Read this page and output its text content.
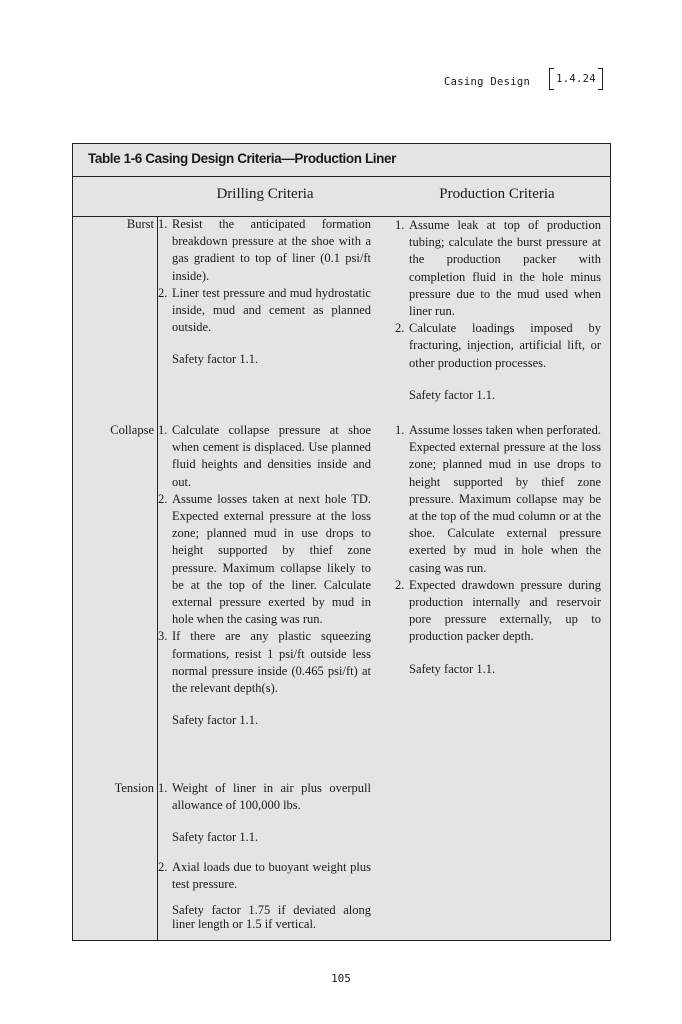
Casing Design	1.4.24
Table 1-6 Casing Design Criteria—Production Liner
Drilling Criteria	Production Criteria
Burst 1. Resist the anticipated formation breakdown pressure at the shoe with a gas gradient to top of liner (0.1 psi/ft inside).
2. Liner test pressure and mud hydrostatic inside, mud and cement as planned outside.
Safety factor 1.1.
1. Assume leak at top of production tubing; calculate the burst pressure at the production packer with completion fluid in the hole minus pressure due to the mud used when liner run.
2. Calculate loadings imposed by fracturing, injection, artificial lift, or other production processes.
Safety factor 1.1.
Collapse 1. Calculate collapse pressure at shoe when cement is displaced. Use planned fluid heights and densities inside and out.
2. Assume losses taken at next hole TD. Expected external pressure at the loss zone; planned mud in use drops to height supported by thief zone pressure. Maximum collapse likely to be at the top of the liner. Calculate external pressure exerted by mud in hole when the casing was run.
3. If there are any plastic squeezing formations, resist 1 psi/ft outside less normal pressure inside (0.465 psi/ft) at the relevant depth(s).
Safety factor 1.1.
1. Assume losses taken when perforated. Expected external pressure at the loss zone; planned mud in use drops to height supported by thief zone pressure. Maximum collapse may be at the top of the mud column or at the shoe. Calculate external pressure exerted by mud in hole when the casing was run.
2. Expected drawdown pressure during production internally and reservoir pore pressure externally, up to production packer depth.
Safety factor 1.1.
Tension 1. Weight of liner in air plus overpull allowance of 100,000 lbs.
Safety factor 1.1.
2. Axial loads due to buoyant weight plus test pressure.
Safety factor 1.75 if deviated along liner length or 1.5 if vertical.
105
